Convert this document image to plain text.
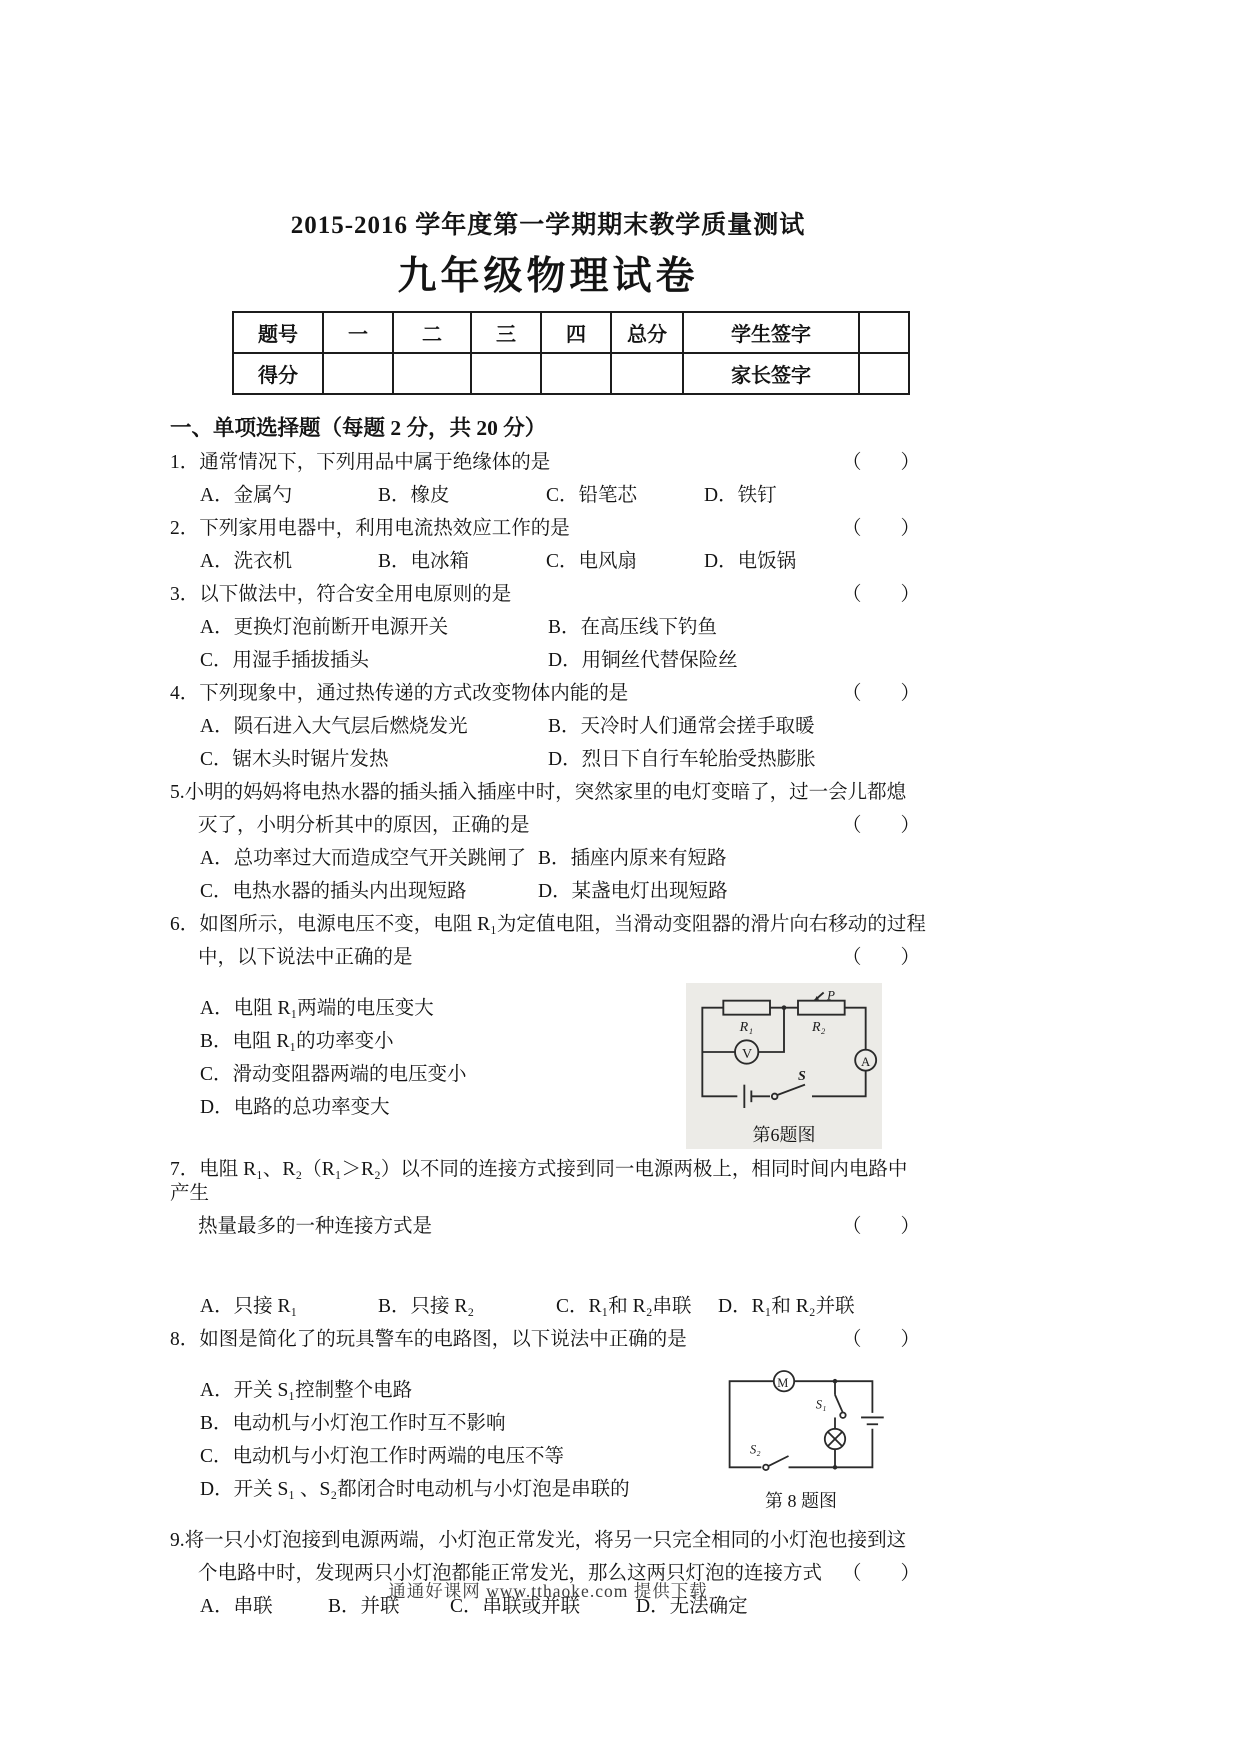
2015-2016 学年度第一学期期末教学质量测试
九年级物理试卷
题号	一	二	三	四	总分	学生签字	
得分						家长签字	
一、单项选择题（每题 2 分，共 20 分）
1．通常情况下，下列用品中属于绝缘体的是	（　　）
A．金属勺	B．橡皮	C．铅笔芯	D．铁钉
2．下列家用电器中，利用电流热效应工作的是	（　　）
A．洗衣机	B．电冰箱	C．电风扇	D．电饭锅
3．以下做法中，符合安全用电原则的是	（　　）
A．更换灯泡前断开电源开关	B．在高压线下钓鱼
C．用湿手插拔插头	D．用铜丝代替保险丝
4．下列现象中，通过热传递的方式改变物体内能的是	（　　）
A．陨石进入大气层后燃烧发光	B．天冷时人们通常会搓手取暖
C．锯木头时锯片发热	D．烈日下自行车轮胎受热膨胀
5.小明的妈妈将电热水器的插头插入插座中时，突然家里的电灯变暗了，过一会儿都熄
灭了，小明分析其中的原因，正确的是	（　　）
A．总功率过大而造成空气开关跳闸了 B．插座内原来有短路
C．电热水器的插头内出现短路	D．某盏电灯出现短路
6．如图所示，电源电压不变，电阻 R₁为定值电阻，当滑动变阻器的滑片向右移动的过程
中，以下说法中正确的是	（　　）
A．电阻 R₁两端的电压变大
B．电阻 R₁的功率变小
C．滑动变阻器两端的电压变小
D．电路的总功率变大
R₁
P
R₂
V
A
S
第6题图
7．电阻 R₁、R₂（R₁＞R₂）以不同的连接方式接到同一电源两极上，相同时间内电路中产生
热量最多的一种连接方式是	（　　）
A．只接 R₁	B．只接 R₂	C．R₁和 R₂串联	D．R₁和 R₂并联
8．如图是简化了的玩具警车的电路图，以下说法中正确的是	（　　）
A．开关 S₁控制整个电路
B．电动机与小灯泡工作时互不影响
C．电动机与小灯泡工作时两端的电压不等
D．开关 S₁ 、S₂都闭合时电动机与小灯泡是串联的
M
S₁
S₂
第 8 题图
9.将一只小灯泡接到电源两端，小灯泡正常发光，将另一只完全相同的小灯泡也接到这
个电路中时，发现两只小灯泡都能正常发光，那么这两只灯泡的连接方式 （　　）
A．串联	B．并联	C．串联或并联	D．无法确定
通通好课网 www.tthaoke.com 提供下载
